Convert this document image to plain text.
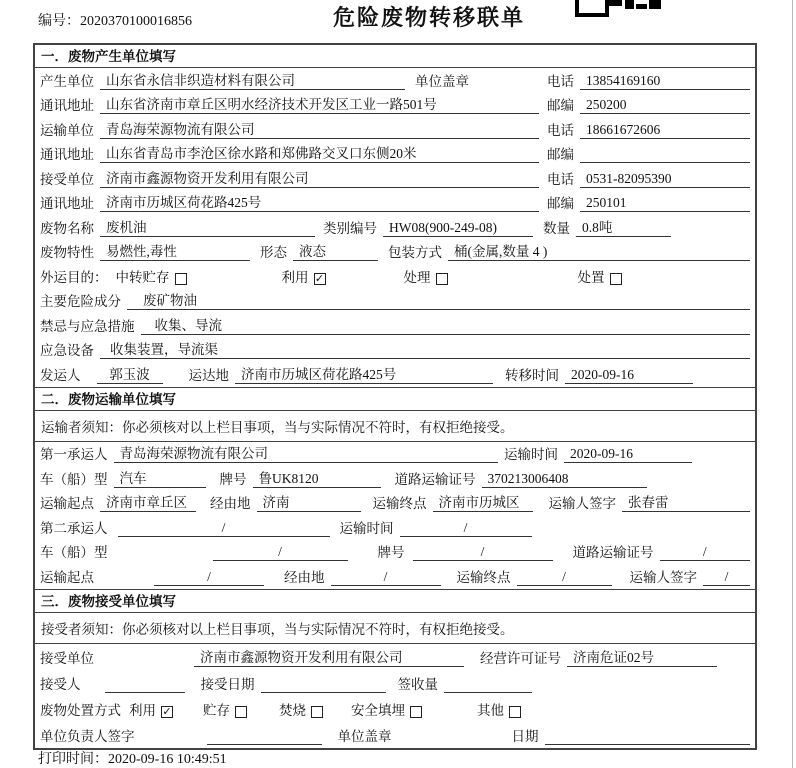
编号：2020370100016856	危险废物转移联单
一．废物产生单位填写
产生单位 山东省永信非织造材料有限公司	单位盖章	电话 13854169160
通讯地址 山东省济南市章丘区明水经济技术开发区工业一路501号	邮编 250200
运输单位 青岛海荣源物流有限公司	电话 18661672606
通讯地址 山东省青岛市李沧区徐水路和郑佛路交叉口东侧20米	邮编
接受单位 济南市鑫源物资开发利用有限公司	电话 0531-82095390
通讯地址 济南市历城区荷花路425号	邮编 250101
废物名称 废机油	类别编号 HW08(900-249-08)	数量 0.8吨
废物特性 易燃性,毒性	形态 液态	包装方式 桶(金属,数量 4 )
外运目的： 中转贮存	利用 ✓	处理	处置
主要危险成分	废矿物油
禁忌与应急措施	收集、导流
应急设备	收集装置，导流渠
发运人	郭玉波	运达地 济南市历城区荷花路425号	转移时间 2020-09-16
二．废物运输单位填写
运输者须知： 你必须核对以上栏目事项，当与实际情况不符时，有权拒绝接受。
第一承运人 青岛海荣源物流有限公司	运输时间 2020-09-16
车（船）型 汽车	牌号 鲁UK8120	道路运输证号 370213006408
运输起点 济南市章丘区	经由地 济南	运输终点 济南市历城区	运输人签字 张春雷
第二承运人	/	运输时间	/
车（船）型	/	牌号	/	道路运输证号	/
运输起点	/	经由地	/	运输终点	/	运输人签字	/
三．废物接受单位填写
接受者须知： 你必须核对以上栏目事项，当与实际情况不符时，有权拒绝接受。
接受单位	济南市鑫源物资开发利用有限公司	经营许可证号 济南危证02号
接受人	接受日期	签收量
废物处置方式 利用 ✓ 贮存	焚烧	安全填埋	其他
单位负责人签字	单位盖章	日期
打印时间：2020-09-16 10:49:51
